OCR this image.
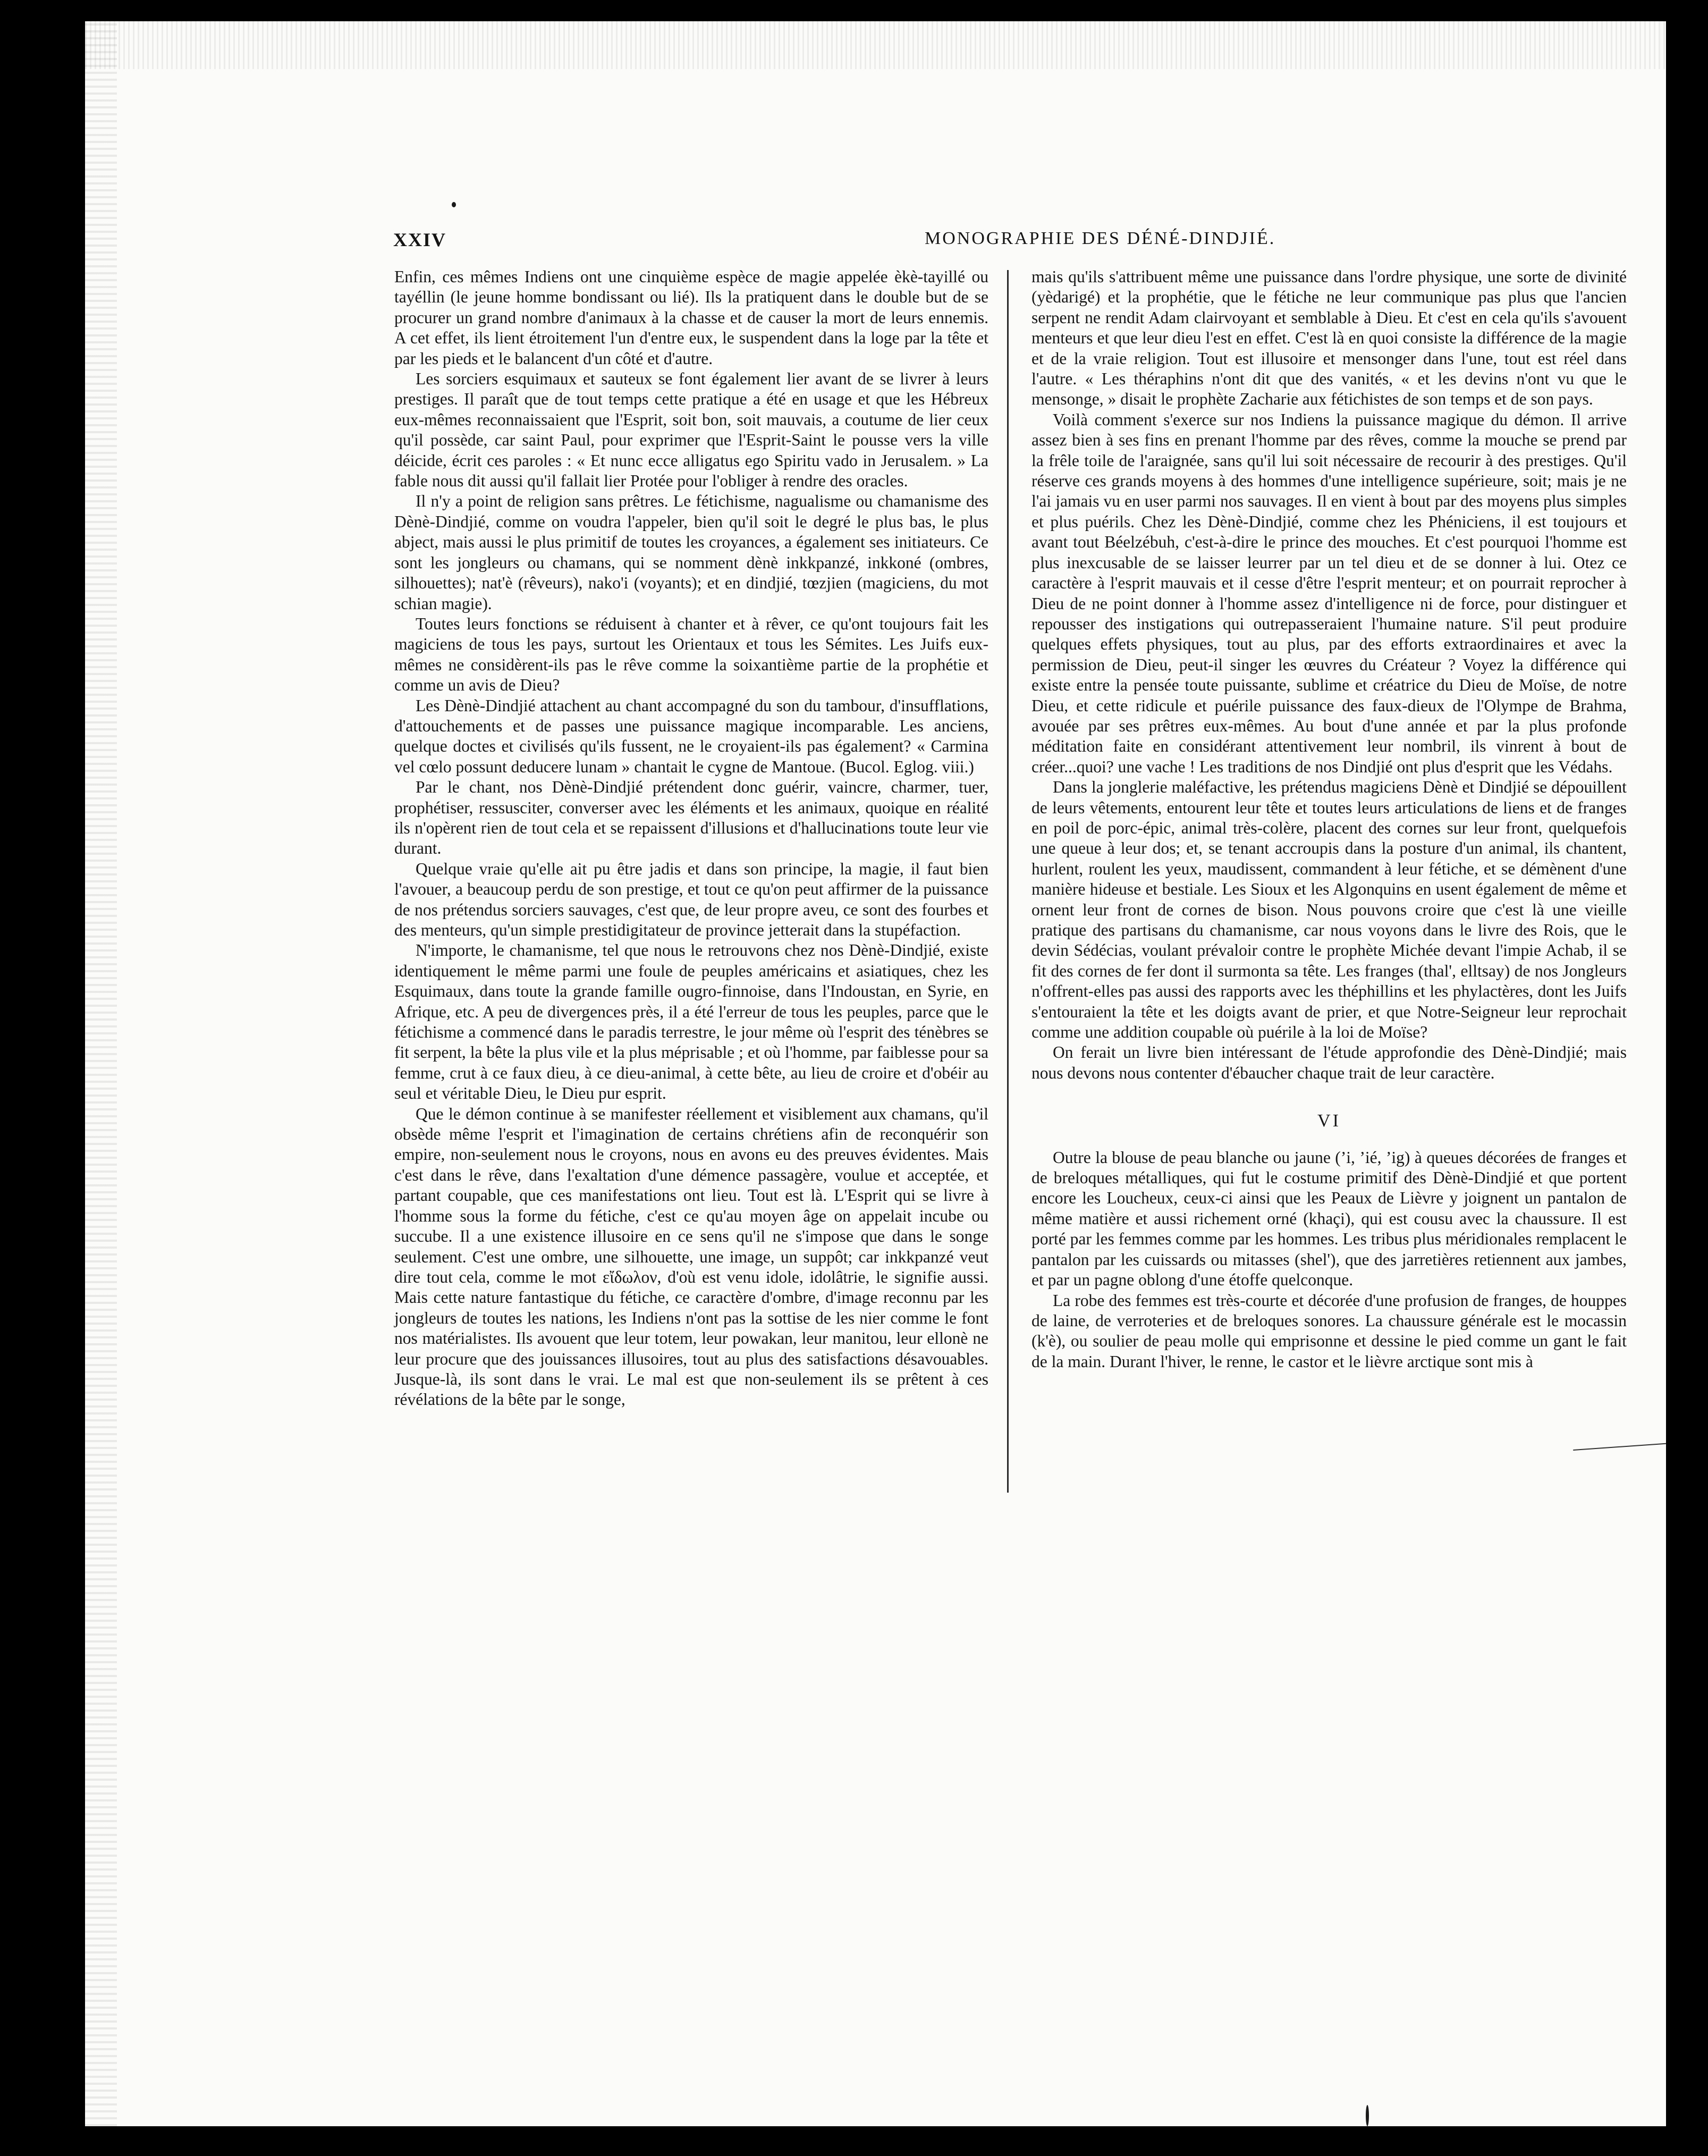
XXIV	MONOGRAPHIE DES DÉNÉ-DINDJIÉ.

Enfin, ces mêmes Indiens ont une cinquième espèce de magie appelée èkè-tayillé ou tayéllin (le jeune homme bondissant ou lié). Ils la pratiquent dans le double but de se procurer un grand nombre d'animaux à la chasse et de causer la mort de leurs ennemis. A cet effet, ils lient étroitement l'un d'entre eux, le suspendent dans la loge par la tête et par les pieds et le balancent d'un côté et d'autre.

Les sorciers esquimaux et sauteux se font également lier avant de se livrer à leurs prestiges. Il paraît que de tout temps cette pratique a été en usage et que les Hébreux eux-mêmes reconnaissaient que l'Esprit, soit bon, soit mauvais, a coutume de lier ceux qu'il possède, car saint Paul, pour exprimer que l'Esprit-Saint le pousse vers la ville déicide, écrit ces paroles : « Et nunc ecce alligatus ego Spiritu vado in Jerusalem. » La fable nous dit aussi qu'il fallait lier Protée pour l'obliger à rendre des oracles.

Il n'y a point de religion sans prêtres. Le fétichisme, nagualisme ou chamanisme des Dènè-Dindjié, comme on voudra l'appeler, bien qu'il soit le degré le plus bas, le plus abject, mais aussi le plus primitif de toutes les croyances, a également ses initiateurs. Ce sont les jongleurs ou chamans, qui se nomment dènè inkkpanzé, inkkoné (ombres, silhouettes); nat'è (rêveurs), nako'i (voyants); et en dindjié, tœzjien (magiciens, du mot schian magie).

Toutes leurs fonctions se réduisent à chanter et à rêver, ce qu'ont toujours fait les magiciens de tous les pays, surtout les Orientaux et tous les Sémites. Les Juifs eux-mêmes ne considèrent-ils pas le rêve comme la soixantième partie de la prophétie et comme un avis de Dieu?

Les Dènè-Dindjié attachent au chant accompagné du son du tambour, d'insufflations, d'attouchements et de passes une puissance magique incomparable. Les anciens, quelque doctes et civilisés qu'ils fussent, ne le croyaient-ils pas également? « Carmina vel cœlo possunt deducere lunam » chantait le cygne de Mantoue. (Bucol. Eglog. viii.)

Par le chant, nos Dènè-Dindjié prétendent donc guérir, vaincre, charmer, tuer, prophétiser, ressusciter, converser avec les éléments et les animaux, quoique en réalité ils n'opèrent rien de tout cela et se repaissent d'illusions et d'hallucinations toute leur vie durant.

Quelque vraie qu'elle ait pu être jadis et dans son principe, la magie, il faut bien l'avouer, a beaucoup perdu de son prestige, et tout ce qu'on peut affirmer de la puissance de nos prétendus sorciers sauvages, c'est que, de leur propre aveu, ce sont des fourbes et des menteurs, qu'un simple prestidigitateur de province jetterait dans la stupéfaction.

N'importe, le chamanisme, tel que nous le retrouvons chez nos Dènè-Dindjié, existe identiquement le même parmi une foule de peuples américains et asiatiques, chez les Esquimaux, dans toute la grande famille ougro-finnoise, dans l'Indoustan, en Syrie, en Afrique, etc. A peu de divergences près, il a été l'erreur de tous les peuples, parce que le fétichisme a commencé dans le paradis terrestre, le jour même où l'esprit des ténèbres se fit serpent, la bête la plus vile et la plus méprisable ; et où l'homme, par faiblesse pour sa femme, crut à ce faux dieu, à ce dieu-animal, à cette bête, au lieu de croire et d'obéir au seul et véritable Dieu, le Dieu pur esprit.

Que le démon continue à se manifester réellement et visiblement aux chamans, qu'il obsède même l'esprit et l'imagination de certains chrétiens afin de reconquérir son empire, non-seulement nous le croyons, nous en avons eu des preuves évidentes. Mais c'est dans le rêve, dans l'exaltation d'une démence passagère, voulue et acceptée, et partant coupable, que ces manifestations ont lieu. Tout est là. L'Esprit qui se livre à l'homme sous la forme du fétiche, c'est ce qu'au moyen âge on appelait incube ou succube. Il a une existence illusoire en ce sens qu'il ne s'impose que dans le songe seulement. C'est une ombre, une silhouette, une image, un suppôt; car inkkpanzé veut dire tout cela, comme le mot εἴδωλον, d'où est venu idole, idolâtrie, le signifie aussi. Mais cette nature fantastique du fétiche, ce caractère d'ombre, d'image reconnu par les jongleurs de toutes les nations, les Indiens n'ont pas la sottise de les nier comme le font nos matérialistes. Ils avouent que leur totem, leur powakan, leur manitou, leur ellonè ne leur procure que des jouissances illusoires, tout au plus des satisfactions désavouables. Jusque-là, ils sont dans le vrai. Le mal est que non-seulement ils se prêtent à ces révélations de la bête par le songe,

mais qu'ils s'attribuent même une puissance dans l'ordre physique, une sorte de divinité (yèdarigé) et la prophétie, que le fétiche ne leur communique pas plus que l'ancien serpent ne rendit Adam clairvoyant et semblable à Dieu. Et c'est en cela qu'ils s'avouent menteurs et que leur dieu l'est en effet. C'est là en quoi consiste la différence de la magie et de la vraie religion. Tout est illusoire et mensonger dans l'une, tout est réel dans l'autre. « Les théraphins n'ont dit que des vanités, « et les devins n'ont vu que le mensonge, » disait le prophète Zacharie aux fétichistes de son temps et de son pays.

Voilà comment s'exerce sur nos Indiens la puissance magique du démon. Il arrive assez bien à ses fins en prenant l'homme par des rêves, comme la mouche se prend par la frêle toile de l'araignée, sans qu'il lui soit nécessaire de recourir à des prestiges. Qu'il réserve ces grands moyens à des hommes d'une intelligence supérieure, soit; mais je ne l'ai jamais vu en user parmi nos sauvages. Il en vient à bout par des moyens plus simples et plus puérils. Chez les Dènè-Dindjié, comme chez les Phéniciens, il est toujours et avant tout Béelzébuh, c'est-à-dire le prince des mouches. Et c'est pourquoi l'homme est plus inexcusable de se laisser leurrer par un tel dieu et de se donner à lui. Otez ce caractère à l'esprit mauvais et il cesse d'être l'esprit menteur; et on pourrait reprocher à Dieu de ne point donner à l'homme assez d'intelligence ni de force, pour distinguer et repousser des instigations qui outrepasseraient l'humaine nature. S'il peut produire quelques effets physiques, tout au plus, par des efforts extraordinaires et avec la permission de Dieu, peut-il singer les œuvres du Créateur ? Voyez la différence qui existe entre la pensée toute puissante, sublime et créatrice du Dieu de Moïse, de notre Dieu, et cette ridicule et puérile puissance des faux-dieux de l'Olympe de Brahma, avouée par ses prêtres eux-mêmes. Au bout d'une année et par la plus profonde méditation faite en considérant attentivement leur nombril, ils vinrent à bout de créer...quoi? une vache ! Les traditions de nos Dindjié ont plus d'esprit que les Védahs.

Dans la jonglerie maléfactive, les prétendus magiciens Dènè et Dindjié se dépouillent de leurs vêtements, entourent leur tête et toutes leurs articulations de liens et de franges en poil de porc-épic, animal très-colère, placent des cornes sur leur front, quelquefois une queue à leur dos; et, se tenant accroupis dans la posture d'un animal, ils chantent, hurlent, roulent les yeux, maudissent, commandent à leur fétiche, et se démènent d'une manière hideuse et bestiale. Les Sioux et les Algonquins en usent également de même et ornent leur front de cornes de bison. Nous pouvons croire que c'est là une vieille pratique des partisans du chamanisme, car nous voyons dans le livre des Rois, que le devin Sédécias, voulant prévaloir contre le prophète Michée devant l'impie Achab, il se fit des cornes de fer dont il surmonta sa tête. Les franges (thal', elltsay) de nos Jongleurs n'offrent-elles pas aussi des rapports avec les théphillins et les phylactères, dont les Juifs s'entouraient la tête et les doigts avant de prier, et que Notre-Seigneur leur reprochait comme une addition coupable où puérile à la loi de Moïse?

On ferait un livre bien intéressant de l'étude approfondie des Dènè-Dindjié; mais nous devons nous contenter d'ébaucher chaque trait de leur caractère.

VI

Outre la blouse de peau blanche ou jaune (ʼi, ʼié, ʼig) à queues décorées de franges et de breloques métalliques, qui fut le costume primitif des Dènè-Dindjié et que portent encore les Loucheux, ceux-ci ainsi que les Peaux de Lièvre y joignent un pantalon de même matière et aussi richement orné (khaçi), qui est cousu avec la chaussure. Il est porté par les femmes comme par les hommes. Les tribus plus méridionales remplacent le pantalon par les cuissards ou mitasses (shel'), que des jarretières retiennent aux jambes, et par un pagne oblong d'une étoffe quelconque.

La robe des femmes est très-courte et décorée d'une profusion de franges, de houppes de laine, de verroteries et de breloques sonores. La chaussure générale est le mocassin (k'è), ou soulier de peau molle qui emprisonne et dessine le pied comme un gant le fait de la main. Durant l'hiver, le renne, le castor et le lièvre arctique sont mis à
